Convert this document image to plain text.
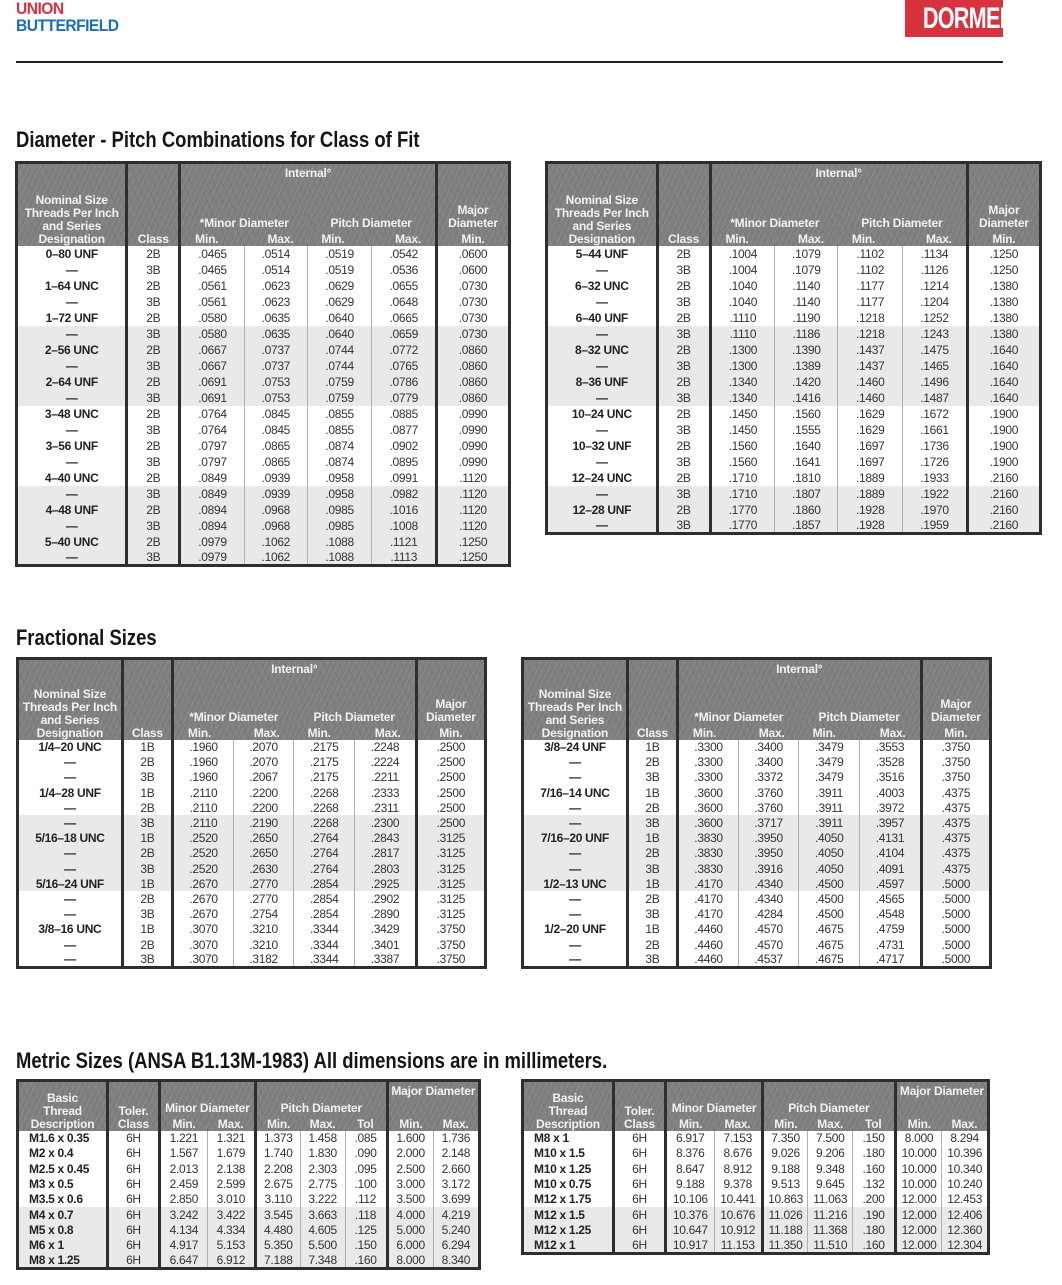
UNION
BUTTERFIELD	DORMER
Diameter - Pitch Combinations for Class of Fit
Nominal Size
Threads Per Inch
and Series
Designation	Class	Internal°				Major
Diameter
		*Minor Diameter		Pitch Diameter		
		Min.	Max.	Min.	Max.	Min.
0–80 UNF	2B	.0465	.0514	.0519	.0542	.0600
—	3B	.0465	.0514	.0519	.0536	.0600
1–64 UNC	2B	.0561	.0623	.0629	.0655	.0730
—	3B	.0561	.0623	.0629	.0648	.0730
1–72 UNF	2B	.0580	.0635	.0640	.0665	.0730
—	3B	.0580	.0635	.0640	.0659	.0730
2–56 UNC	2B	.0667	.0737	.0744	.0772	.0860
—	3B	.0667	.0737	.0744	.0765	.0860
2–64 UNF	2B	.0691	.0753	.0759	.0786	.0860
—	3B	.0691	.0753	.0759	.0779	.0860
3–48 UNC	2B	.0764	.0845	.0855	.0885	.0990
—	3B	.0764	.0845	.0855	.0877	.0990
3–56 UNF	2B	.0797	.0865	.0874	.0902	.0990
—	3B	.0797	.0865	.0874	.0895	.0990
4–40 UNC	2B	.0849	.0939	.0958	.0991	.1120
—	3B	.0849	.0939	.0958	.0982	.1120
4–48 UNF	2B	.0894	.0968	.0985	.1016	.1120
—	3B	.0894	.0968	.0985	.1008	.1120
5–40 UNC	2B	.0979	.1062	.1088	.1121	.1250
—	3B	.0979	.1062	.1088	.1113	.1250
Nominal Size
Threads Per Inch
and Series
Designation	Class	Internal°				Major
Diameter
		*Minor Diameter		Pitch Diameter		
		Min.	Max.	Min.	Max.	Min.
5–44 UNF	2B	.1004	.1079	.1102	.1134	.1250
—	3B	.1004	.1079	.1102	.1126	.1250
6–32 UNC	2B	.1040	.1140	.1177	.1214	.1380
—	3B	.1040	.1140	.1177	.1204	.1380
6–40 UNF	2B	.1110	.1190	.1218	.1252	.1380
—	3B	.1110	.1186	.1218	.1243	.1380
8–32 UNC	2B	.1300	.1390	.1437	.1475	.1640
—	3B	.1300	.1389	.1437	.1465	.1640
8–36 UNF	2B	.1340	.1420	.1460	.1496	.1640
—	3B	.1340	.1416	.1460	.1487	.1640
10–24 UNC	2B	.1450	.1560	.1629	.1672	.1900
—	3B	.1450	.1555	.1629	.1661	.1900
10–32 UNF	2B	.1560	.1640	.1697	.1736	.1900
—	3B	.1560	.1641	.1697	.1726	.1900
12–24 UNC	2B	.1710	.1810	.1889	.1933	.2160
—	3B	.1710	.1807	.1889	.1922	.2160
12–28 UNF	2B	.1770	.1860	.1928	.1970	.2160
—	3B	.1770	.1857	.1928	.1959	.2160
Fractional Sizes
Nominal Size
Threads Per Inch
and Series
Designation	Class	Internal°				Major
Diameter
		*Minor Diameter		Pitch Diameter		
		Min.	Max.	Min.	Max.	Min.
1/4–20 UNC	1B	.1960	.2070	.2175	.2248	.2500
—	2B	.1960	.2070	.2175	.2224	.2500
—	3B	.1960	.2067	.2175	.2211	.2500
1/4–28 UNF	1B	.2110	.2200	.2268	.2333	.2500
—	2B	.2110	.2200	.2268	.2311	.2500
—	3B	.2110	.2190	.2268	.2300	.2500
5/16–18 UNC	1B	.2520	.2650	.2764	.2843	.3125
—	2B	.2520	.2650	.2764	.2817	.3125
—	3B	.2520	.2630	.2764	.2803	.3125
5/16–24 UNF	1B	.2670	.2770	.2854	.2925	.3125
—	2B	.2670	.2770	.2854	.2902	.3125
—	3B	.2670	.2754	.2854	.2890	.3125
3/8–16 UNC	1B	.3070	.3210	.3344	.3429	.3750
—	2B	.3070	.3210	.3344	.3401	.3750
—	3B	.3070	.3182	.3344	.3387	.3750
Nominal Size
Threads Per Inch
and Series
Designation	Class	Internal°				Major
Diameter
		*Minor Diameter		Pitch Diameter		
		Min.	Max.	Min.	Max.	Min.
3/8–24 UNF	1B	.3300	.3400	.3479	.3553	.3750
—	2B	.3300	.3400	.3479	.3528	.3750
—	3B	.3300	.3372	.3479	.3516	.3750
7/16–14 UNC	1B	.3600	.3760	.3911	.4003	.4375
—	2B	.3600	.3760	.3911	.3972	.4375
—	3B	.3600	.3717	.3911	.3957	.4375
7/16–20 UNF	1B	.3830	.3950	.4050	.4131	.4375
—	2B	.3830	.3950	.4050	.4104	.4375
—	3B	.3830	.3916	.4050	.4091	.4375
1/2–13 UNC	1B	.4170	.4340	.4500	.4597	.5000
—	2B	.4170	.4340	.4500	.4565	.5000
—	3B	.4170	.4284	.4500	.4548	.5000
1/2–20 UNF	1B	.4460	.4570	.4675	.4759	.5000
—	2B	.4460	.4570	.4675	.4731	.5000
—	3B	.4460	.4537	.4675	.4717	.5000
Metric Sizes (ANSA B1.13M-1983) All dimensions are in millimeters.
Basic
Thread
Description	Toler.
Class	Minor Diameter		Pitch Diameter			Major Diameter	
		Min.	Max.	Min.	Max.	Tol	Min.	Max.
M1.6 x 0.35	6H	1.221	1.321	1.373	1.458	.085	1.600	1.736
M2 x 0.4	6H	1.567	1.679	1.740	1.830	.090	2.000	2.148
M2.5 x 0.45	6H	2.013	2.138	2.208	2.303	.095	2.500	2.660
M3 x 0.5	6H	2.459	2.599	2.675	2.775	.100	3.000	3.172
M3.5 x 0.6	6H	2.850	3.010	3.110	3.222	.112	3.500	3.699
M4 x 0.7	6H	3.242	3.422	3.545	3.663	.118	4.000	4.219
M5 x 0.8	6H	4.134	4.334	4.480	4.605	.125	5.000	5.240
M6 x 1	6H	4.917	5.153	5.350	5.500	.150	6.000	6.294
M8 x 1.25	6H	6.647	6.912	7.188	7.348	.160	8.000	8.340
Basic
Thread
Description	Toler.
Class	Minor Diameter		Pitch Diameter			Major Diameter	
		Min.	Max.	Min.	Max.	Tol	Min.	Max.
M8 x 1	6H	6.917	7.153	7.350	7.500	.150	8.000	8.294
M10 x 1.5	6H	8.376	8.676	9.026	9.206	.180	10.000	10.396
M10 x 1.25	6H	8.647	8.912	9.188	9.348	.160	10.000	10.340
M10 x 0.75	6H	9.188	9.378	9.513	9.645	.132	10.000	10.240
M12 x 1.75	6H	10.106	10.441	10.863	11.063	.200	12.000	12.453
M12 x 1.5	6H	10.376	10.676	11.026	11.216	.190	12.000	12.406
M12 x 1.25	6H	10.647	10.912	11.188	11.368	.180	12.000	12.360
M12 x 1	6H	10.917	11.153	11.350	11.510	.160	12.000	12.304
